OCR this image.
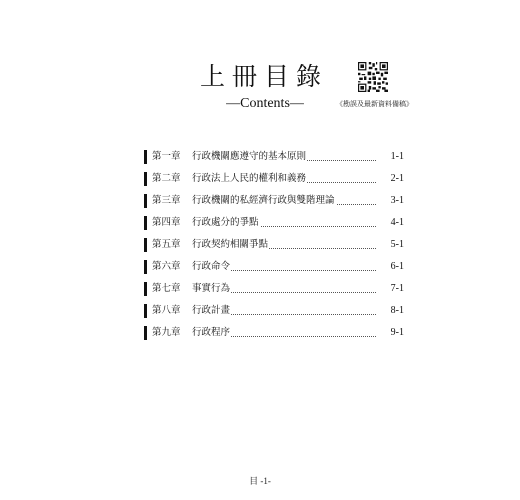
上冊目錄
—Contents—	《勘誤及最新資料備稿》
第一章 行政機關應遵守的基本原則	1-1
第二章 行政法上人民的權利和義務	2-1
第三章 行政機關的私經濟行政與雙階理論	3-1
第四章 行政處分的爭點	4-1
第五章 行政契約相關爭點	5-1
第六章 行政命令	6-1
第七章 事實行為	7-1
第八章 行政計畫	8-1
第九章 行政程序	9-1
目 -1-
